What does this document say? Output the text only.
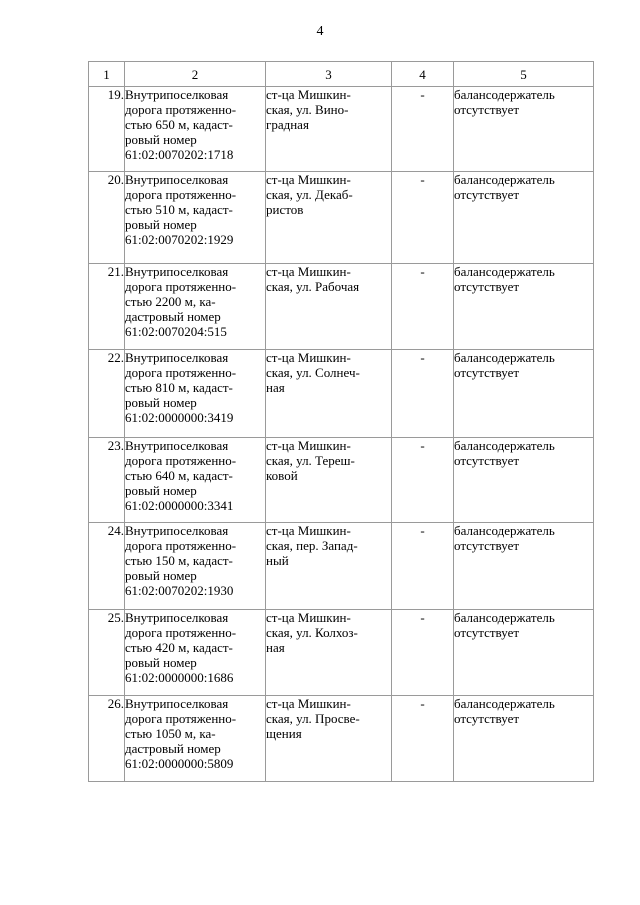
4
1	2	3	4	5
19.	Внутрипоселковая
дорога протяженно-
стью 650 м, кадаст-
ровый номер
61:02:0070202:1718	ст-ца Мишкин-
ская, ул. Вино-
градная	-	балансодержатель
отсутствует
20.	Внутрипоселковая
дорога протяженно-
стью 510 м, кадаст-
ровый номер
61:02:0070202:1929	ст-ца Мишкин-
ская, ул. Декаб-
ристов	-	балансодержатель
отсутствует
21.	Внутрипоселковая
дорога протяженно-
стью 2200 м, ка-
дастровый номер
61:02:0070204:515	ст-ца Мишкин-
ская, ул. Рабочая	-	балансодержатель
отсутствует
22.	Внутрипоселковая
дорога протяженно-
стью 810 м, кадаст-
ровый номер
61:02:0000000:3419	ст-ца Мишкин-
ская, ул. Солнеч-
ная	-	балансодержатель
отсутствует
23.	Внутрипоселковая
дорога протяженно-
стью 640 м, кадаст-
ровый номер
61:02:0000000:3341	ст-ца Мишкин-
ская, ул. Тереш-
ковой	-	балансодержатель
отсутствует
24.	Внутрипоселковая
дорога протяженно-
стью 150 м, кадаст-
ровый номер
61:02:0070202:1930	ст-ца Мишкин-
ская, пер. Запад-
ный	-	балансодержатель
отсутствует
25.	Внутрипоселковая
дорога протяженно-
стью 420 м, кадаст-
ровый номер
61:02:0000000:1686	ст-ца Мишкин-
ская, ул. Колхоз-
ная	-	балансодержатель
отсутствует
26.	Внутрипоселковая
дорога протяженно-
стью 1050 м, ка-
дастровый номер
61:02:0000000:5809	ст-ца Мишкин-
ская, ул. Просве-
щения	-	балансодержатель
отсутствует
